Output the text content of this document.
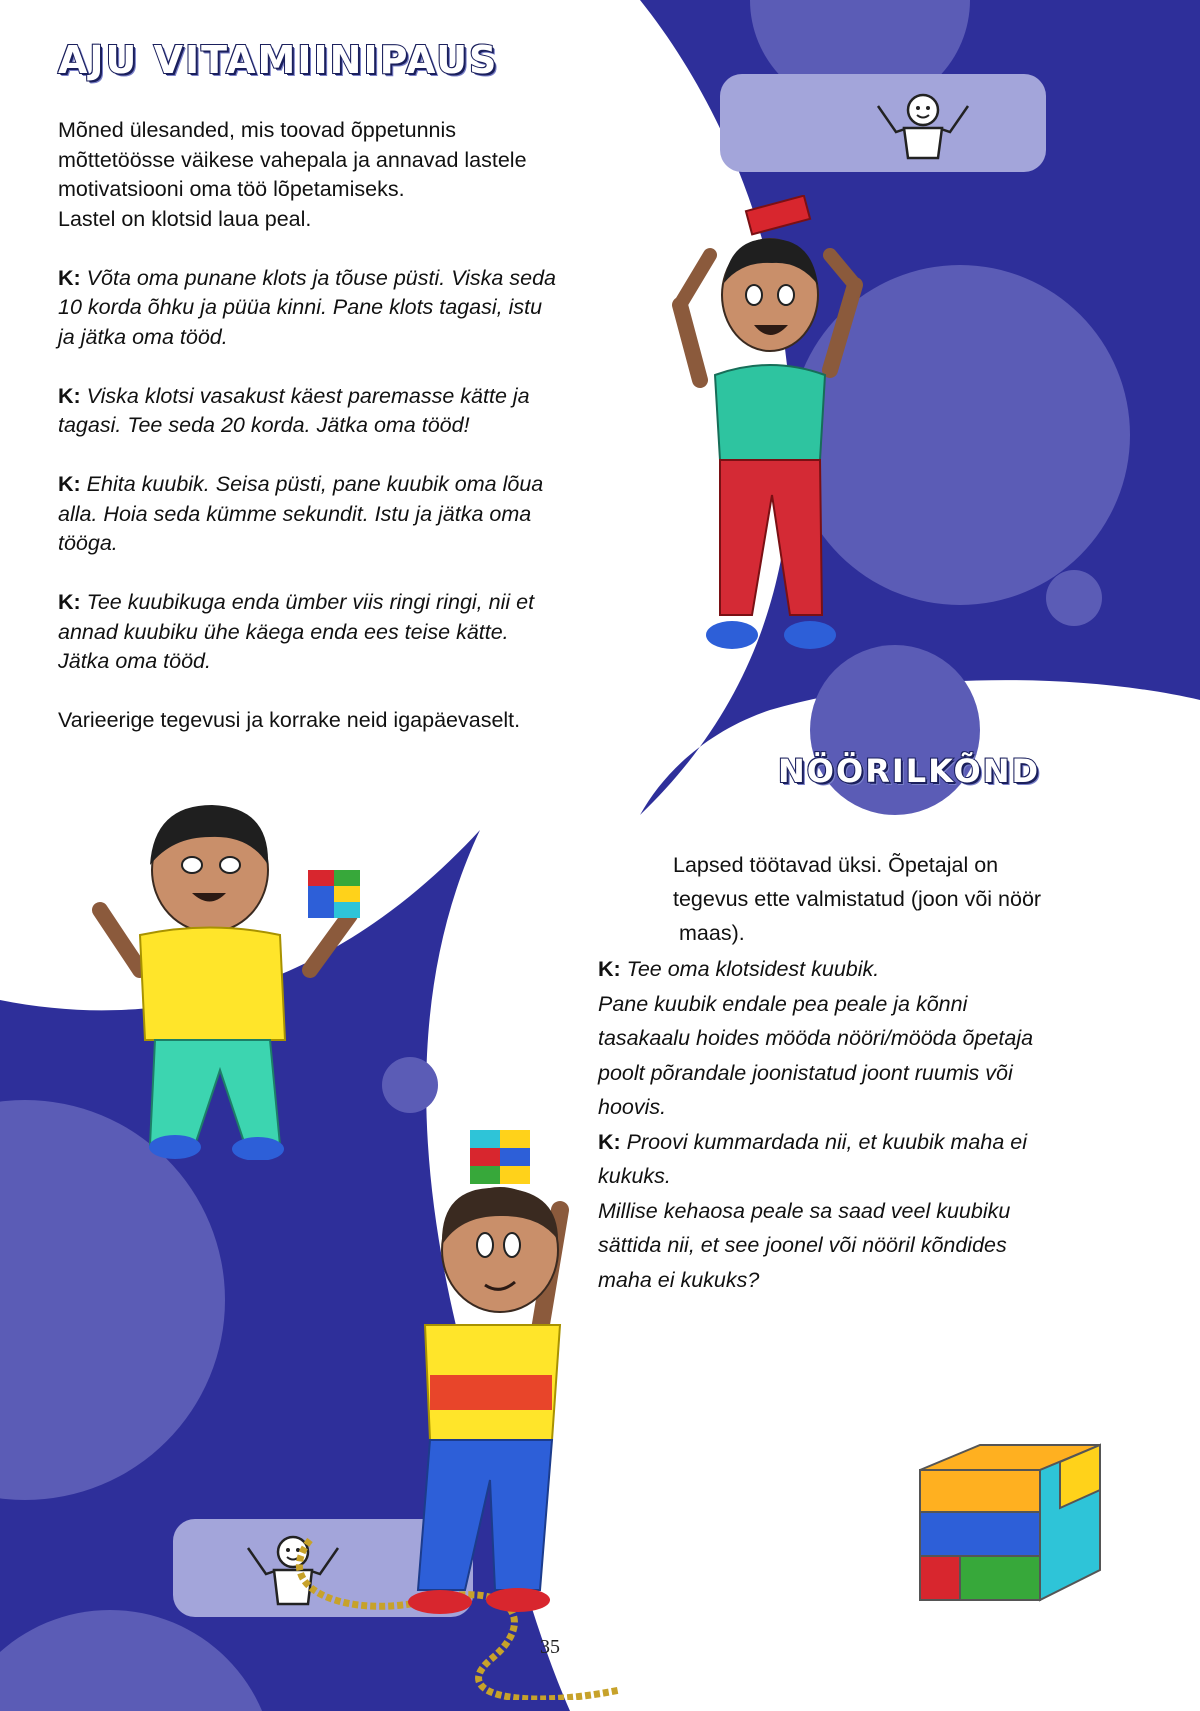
AJU VITAMIINIPAUS

Mõned ülesanded, mis toovad õppetunnis

mõttetöösse väikese vahepala ja annavad lastele

motivatsiooni oma töö lõpetamiseks.

Lastel on klotsid laua peal.

K: Võta oma punane klots ja tõuse püsti. Viska seda

10 korda õhku ja püüa kinni. Pane klots tagasi, istu

ja jätka oma tööd.

K: Viska klotsi vasakust käest paremasse kätte ja

tagasi. Tee seda 20 korda. Jätka oma tööd!

K: Ehita kuubik. Seisa püsti, pane kuubik oma lõua

alla. Hoia seda kümme sekundit. Istu ja jätka oma

tööga.

K: Tee kuubikuga enda ümber viis ringi ringi, nii et

annad kuubiku ühe käega enda ees teise kätte.

Jätka oma tööd.

Varieerige tegevusi ja korrake neid igapäevaselt.

NÖÖRILKÕND

Lapsed töötavad üksi. Õpetajal on

tegevus ette valmistatud (joon või nöör

maas).

K: Tee oma klotsidest kuubik.

Pane kuubik endale pea peale ja kõnni

tasakaalu hoides mööda nööri/mööda õpetaja

poolt põrandale joonistatud joont ruumis või

hoovis.

K: Proovi kummardada nii, et kuubik maha ei

kukuks.

Millise kehaosa peale sa saad veel kuubiku

sättida nii, et see joonel või nööril kõndides

maha ei kukuks?

35
